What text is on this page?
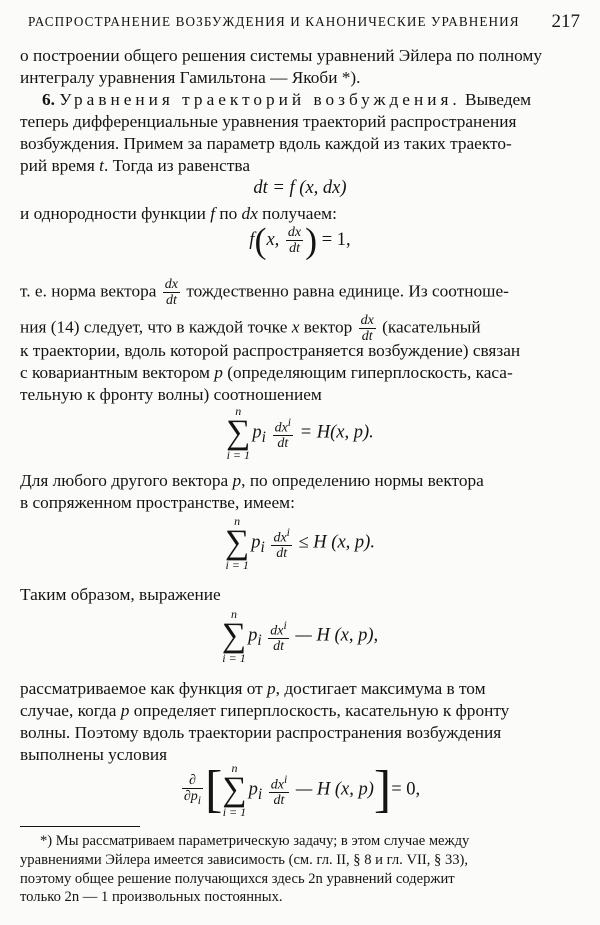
РАСПРОСТРАНЕНИЕ ВОЗБУЖДЕНИЯ И КАНОНИЧЕСКИЕ УРАВНЕНИЯ 217
о построении общего решения системы уравнений Эйлера по полному
интегралу уравнения Гамильтона — Якоби *).
6. Уравнения траекторий возбуждения. Выведем
теперь дифференциальные уравнения траекторий распространения
возбуждения. Примем за параметр вдоль каждой из таких траекто-
рий время t. Тогда из равенства
dt = f (x, dx)
и однородности функции f по dx получаем:
f(x, $\frac{dx}{dt}$ ) = 1,
т. е. норма вектора $\frac{dx}{dt}$ тождественно равна единице. Из соотноше-
ния (14) следует, что в каждой точке x вектор $\frac{dx}{dt}$ (касательный
к траектории, вдоль которой распространяется возбуждение) связан
с ковариантным вектором p (определяющим гиперплоскость, каса-
тельную к фронту волны) соотношением
n
∑
i = 1
$p_i \frac{dx^i}{dt} = H(x$, p).
Для любого другого вектора p, по определению нормы вектора
в сопряженном пространстве, имеем:
n
∑
i = 1
$p_i \frac{dx^i}{dt} \le H$ (x, p).
Таким образом, выражение
n
∑
i = 1
$p_i \frac{dx^i}{dt}$ — H (x, p),
рассматриваемое как функция от p, достигает максимума в том
случае, когда p определяет гиперплоскость, касательную к фронту
волны. Поэтому вдоль траектории распространения возбуждения
выполнены условия
$\frac{\partial}{\partial p_i}$ [ n
∑
i = 1
$p_i \frac{dx^i}{dt}$ — H (x, p)]= 0,
*) Мы рассматриваем параметрическую задачу; в этом случае между
уравнениями Эйлера имеется зависимость (см. гл. II, § 8 и гл. VII, § 33),
поэтому общее решение получающихся здесь 2n уравнений содержит
только 2n — 1 произвольных постоянных.
